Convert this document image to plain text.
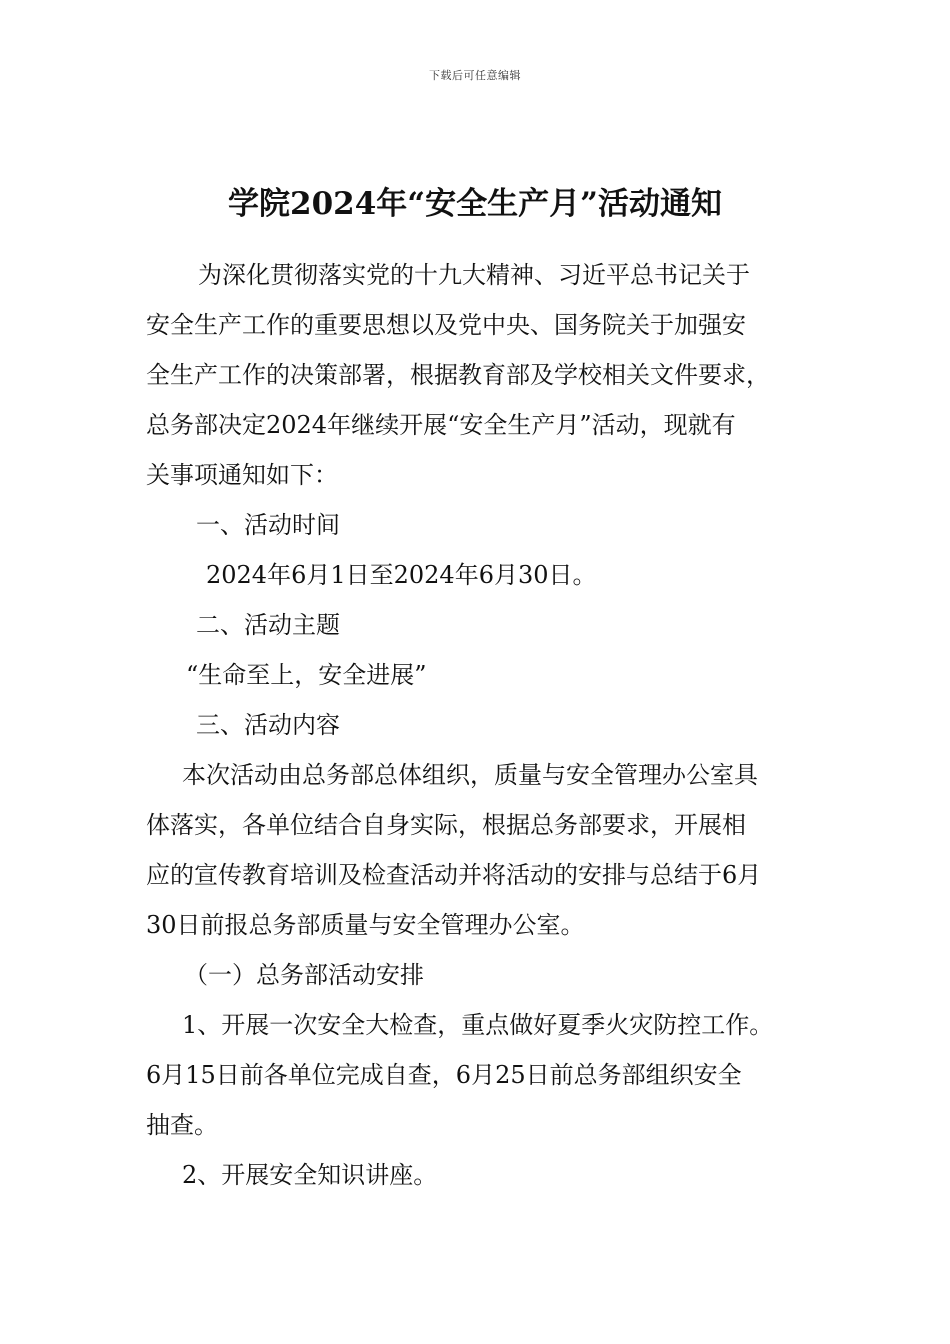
下载后可任意编辑
学院2024年“安全生产月”活动通知
为深化贯彻落实党的十九大精神、习近平总书记关于
安全生产工作的重要思想以及党中央、国务院关于加强安
全生产工作的决策部署，根据教育部及学校相关文件要求，
总务部决定2024年继续开展“安全生产月”活动，现就有
关事项通知如下：
一、活动时间
2024年6月1日至2024年6月30日。
二、活动主题
“生命至上，安全进展”
三、活动内容
本次活动由总务部总体组织，质量与安全管理办公室具
体落实，各单位结合自身实际，根据总务部要求，开展相
应的宣传教育培训及检查活动并将活动的安排与总结于6月
30日前报总务部质量与安全管理办公室。
（一）总务部活动安排
1、开展一次安全大检查，重点做好夏季火灾防控工作。
6月15日前各单位完成自查，6月25日前总务部组织安全
抽查。
2、开展安全知识讲座。
